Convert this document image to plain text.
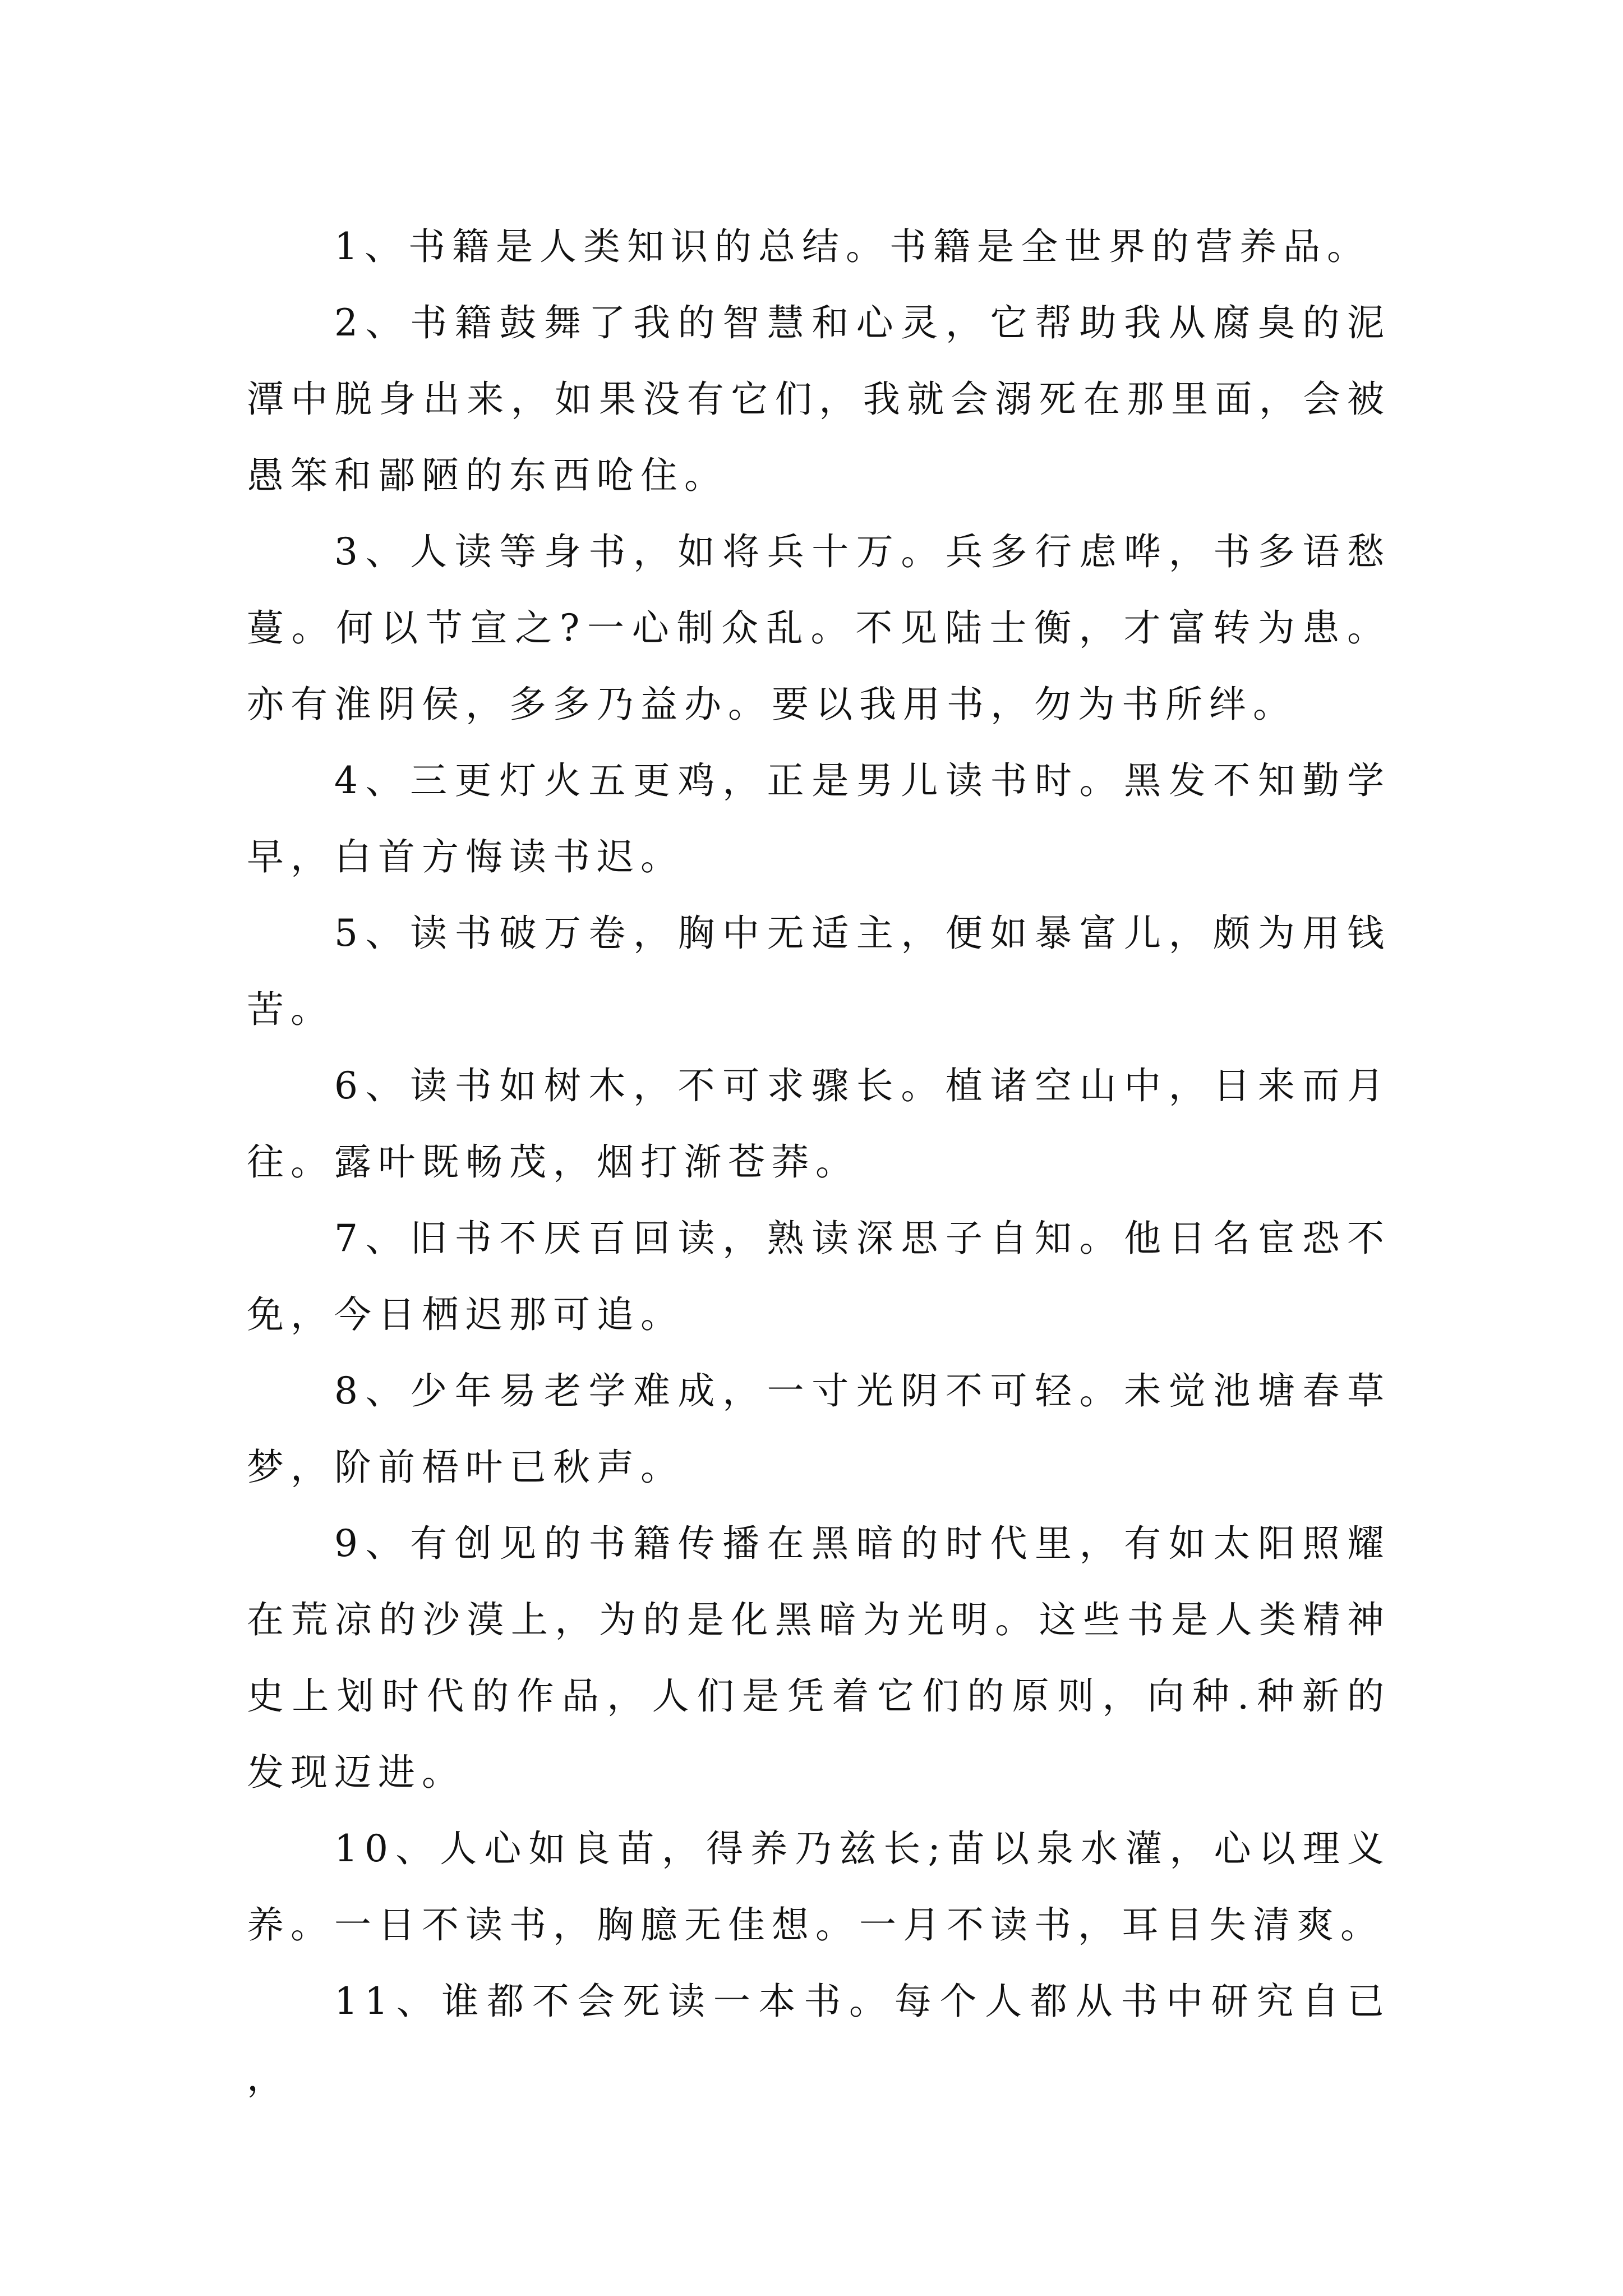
1、书籍是人类知识的总结。书籍是全世界的营养品。

2、书籍鼓舞了我的智慧和心灵，它帮助我从腐臭的泥潭中脱身出来，如果没有它们，我就会溺死在那里面，会被愚笨和鄙陋的东西呛住。

3、人读等身书，如将兵十万。兵多行虑哗，书多语愁蔓。何以节宣之?一心制众乱。不见陆士衡，才富转为患。亦有淮阴侯，多多乃益办。要以我用书，勿为书所绊。

4、三更灯火五更鸡，正是男儿读书时。黑发不知勤学早，白首方悔读书迟。

5、读书破万卷，胸中无适主，便如暴富儿，颇为用钱苦。

6、读书如树木，不可求骤长。植诸空山中，日来而月往。露叶既畅茂，烟打渐苍莽。

7、旧书不厌百回读，熟读深思子自知。他日名宦恐不免，今日栖迟那可追。

8、少年易老学难成，一寸光阴不可轻。未觉池塘春草梦，阶前梧叶已秋声。

9、有创见的书籍传播在黑暗的时代里，有如太阳照耀在荒凉的沙漠上，为的是化黑暗为光明。这些书是人类精神史上划时代的作品，人们是凭着它们的原则，向种.种新的发现迈进。

10、人心如良苗，得养乃兹长;苗以泉水灌，心以理义养。一日不读书，胸臆无佳想。一月不读书，耳目失清爽。

11、谁都不会死读一本书。每个人都从书中研究自已，
